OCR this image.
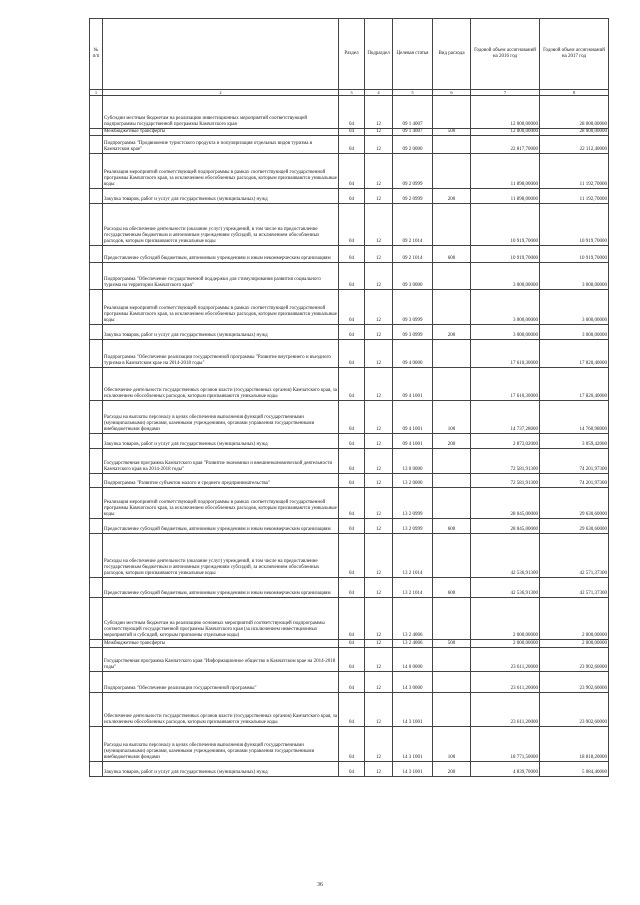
№ п/п		Раздел	Подраздел	Целевая статья	Вид расхода	Годовой объем ассигнований на 2016 год	Годовой объем ассигнований на 2017 год
1	2	3	4	5	6	7	8
	Субсидии местным бюджетам на реализацию инвестиционных мероприятий соответствующей подпрограммы государственной программы Камчатского края	04	12	09 1 4007		12 000,00000	28 000,00000
	Межбюджетные трансферты	04	12	09 1 4007	500	12 000,00000	28 000,00000
	Подпрограмма "Продвижение туристского продукта и популяризация отдельных видов туризма в Камчатском крае"	04	12	09 2 0000		22 817,70000	22 112,40000
	Реализация мероприятий соответствующей подпрограммы в рамках соответствующей государственной программы Камчатского края, за исключением обособленных расходов, которым присваиваются уникальные коды	04	12	09 2 0999		11 898,00000	11 192,70000
	Закупка товаров, работ и услуг для государственных (муниципальных) нужд	04	12	09 2 0999	200	11 898,00000	11 192,70000
	Расходы на обеспечение деятельности (оказание услуг) учреждений, в том числе на предоставление государственным бюджетным и автономным учреждениям субсидий, за исключением обособленных расходов, которым присваиваются уникальные коды	04	12	09 2 1014		10 919,70000	10 919,70000
	Предоставление субсидий бюджетным, автономным учреждениям и иным некоммерческим организациям	04	12	09 2 1014	600	10 919,70000	10 919,70000
	Подпрограмма "Обеспечение государственной поддержки для стимулирования развития социального туризма на территории Камчатского края"	04	12	09 3 0000		3 000,00000	3 000,00000
	Реализация мероприятий соответствующей подпрограммы в рамках соответствующей государственной программы Камчатского края, за исключением обособленных расходов, которым присваиваются уникальные коды	04	12	09 3 0999		3 000,00000	3 000,00000
	Закупка товаров, работ и услуг для государственных (муниципальных) нужд	04	12	09 3 0999	200	3 000,00000	3 000,00000
	Подпрограмма "Обеспечение реализации государственной программы "Развитие внутреннего и въездного туризма в Камчатском крае на 2014-2018 годы"	04	12	09 4 0000		17 610,30000	17 820,40000
	Обеспечение деятельности государственных органов власти (государственных органов) Камчатского края, за исключением обособленных расходов, которым присваиваются уникальные коды	04	12	09 4 1001		17 610,30000	17 820,40000
	Расходы на выплаты персоналу в целях обеспечения выполнения функций государственными (муниципальными) органами, казенными учреждениями, органами управления государственными внебюджетными фондами	04	12	09 4 1001	100	14 737,28000	14 760,98000
	Закупка товаров, работ и услуг для государственных (муниципальных) нужд	04	12	09 4 1001	200	2 873,02000	3 059,42000
	Государственная программа Камчатского края "Развитие экономики и внешнеэкономической деятельности Камчатского края на 2014-2018 годы"	04	12	13 0 0000		72 581,91300	74 201,97300
	Подпрограмма "Развитие субъектов малого и среднего предпринимательства"	04	12	13 2 0000		72 581,91300	74 201,97300
	Реализация мероприятий соответствующей подпрограммы в рамках соответствующей государственной программы Камчатского края, за исключением обособленных расходов, которым присваиваются уникальные коды	04	12	13 2 0999		28 045,00000	29 630,60000
	Предоставление субсидий бюджетным, автономным учреждениям и иным некоммерческим организациям	04	12	13 2 0999	600	28 045,00000	29 630,60000
	Расходы на обеспечение деятельности (оказание услуг) учреждений, в том числе на предоставление государственным бюджетным и автономным учреждениям субсидий, за исключением обособленных расходов, которым присваиваются уникальные коды	04	12	13 2 1014		42 536,91300	42 571,37300
	Предоставление субсидий бюджетным, автономным учреждениям и иным некоммерческим организациям	04	12	13 2 1014	600	42 536,91300	42 571,37300
	Субсидии местным бюджетам на реализацию основных мероприятий соответствующей подпрограммы соответствующей государственной программы Камчатского края (за исключением инвестиционных мероприятий и субсидий, которым присвоены отдельные коды)	04	12	13 2 4006		2 000,00000	2 000,00000
	Межбюджетные трансферты	04	12	13 2 4006	500	2 000,00000	2 000,00000
	Государственная программа Камчатского края "Информационное общество в Камчатском крае на 2014-2018 годы"	04	12	14 0 0000		23 611,20000	23 902,60000
	Подпрограмма "Обеспечение реализации государственной программы"	04	12	14 3 0000		23 611,20000	23 902,60000
	Обеспечение деятельности государственных органов власти (государственных органов) Камчатского края, за исключением обособленных расходов, которым присваиваются уникальные коды	04	12	14 3 1001		23 611,20000	23 902,60000
	Расходы на выплаты персоналу в целях обеспечения выполнения функций государственными (муниципальными) органами, казенными учреждениями, органами управления государственными внебюджетными фондами	04	12	14 3 1001	100	18 771,50000	18 818,20000
	Закупка товаров, работ и услуг для государственных (муниципальных) нужд	04	12	14 3 1001	200	4 839,70000	5 084,40000
36
